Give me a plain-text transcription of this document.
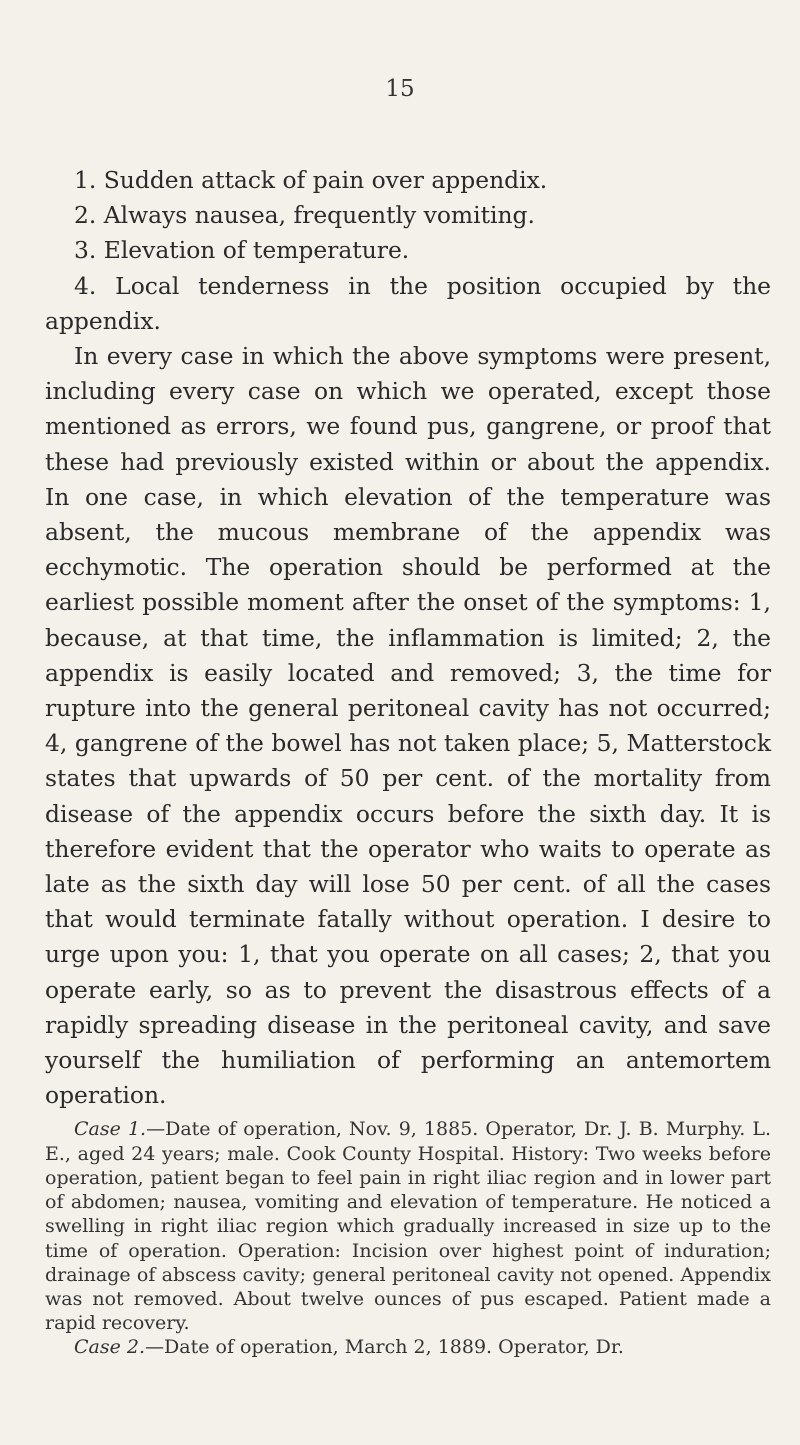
15

1. Sudden attack of pain over appendix.

2. Always nausea, frequently vomiting.

3. Elevation of temperature.

4. Local tenderness in the position occupied by the appendix.

In every case in which the above symptoms were present, including every case on which we operated, except those mentioned as errors, we found pus, gangrene, or proof that these had previously existed within or about the appendix. In one case, in which elevation of the temperature was absent, the mucous membrane of the appendix was ecchymotic. The operation should be performed at the earliest possible moment after the onset of the symptoms: 1, because, at that time, the inflammation is limited; 2, the appendix is easily located and removed; 3, the time for rupture into the general peritoneal cavity has not occurred; 4, gangrene of the bowel has not taken place; 5, Matterstock states that upwards of 50 per cent. of the mortality from disease of the appendix occurs before the sixth day. It is therefore evident that the operator who waits to operate as late as the sixth day will lose 50 per cent. of all the cases that would terminate fatally without operation. I desire to urge upon you: 1, that you operate on all cases; 2, that you operate early, so as to prevent the disastrous effects of a rapidly spreading disease in the peritoneal cavity, and save yourself the humiliation of performing an antemortem operation.

Case 1.—Date of operation, Nov. 9, 1885. Operator, Dr. J. B. Murphy. L. E., aged 24 years; male. Cook County Hospital. History: Two weeks before operation, patient began to feel pain in right iliac region and in lower part of abdomen; nausea, vomiting and elevation of temperature. He noticed a swelling in right iliac region which gradually increased in size up to the time of operation. Operation: Incision over highest point of induration; drainage of abscess cavity; general peritoneal cavity not opened. Appendix was not removed. About twelve ounces of pus escaped. Patient made a rapid recovery.

Case 2.—Date of operation, March 2, 1889. Operator, Dr.
